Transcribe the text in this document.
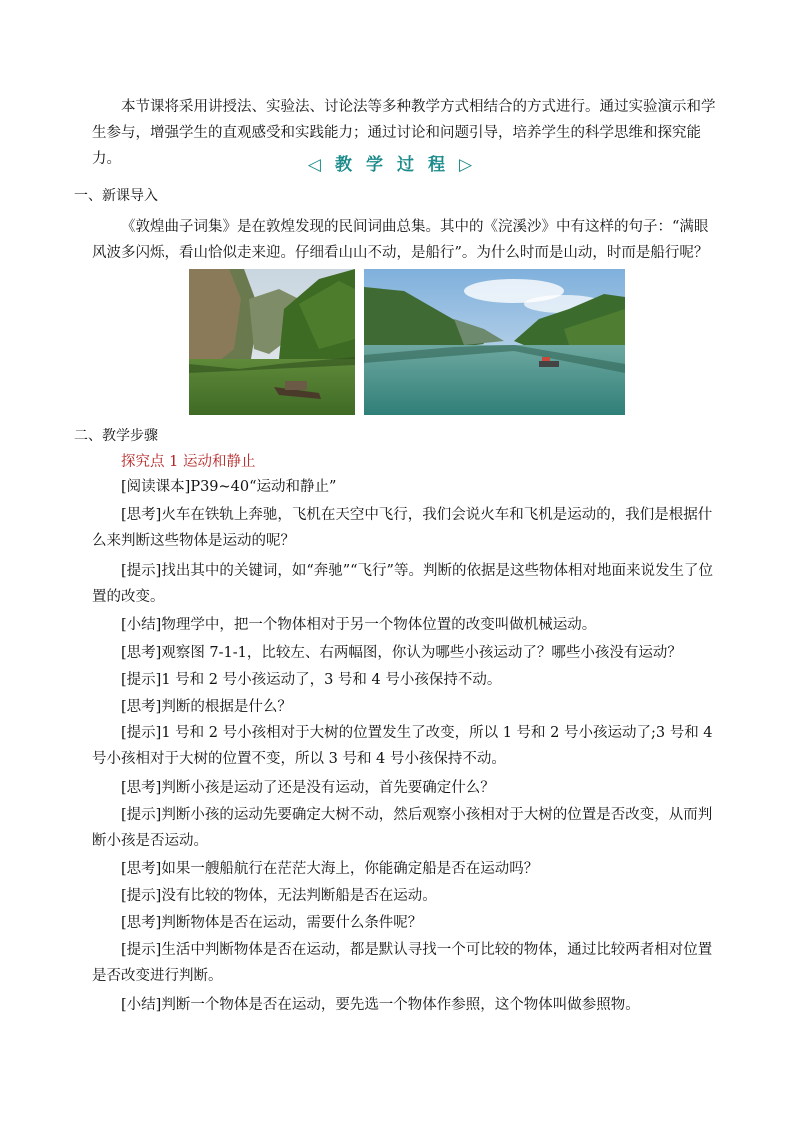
本节课将采用讲授法、实验法、讨论法等多种教学方式相结合的方式进行。通过实验演示和学生参与，增强学生的直观感受和实践能力；通过讨论和问题引导，培养学生的科学思维和探究能力。	◁教学过程▷
一、新课导入

《敦煌曲子词集》是在敦煌发现的民间词曲总集。其中的《浣溪沙》中有这样的句子：“满眼风波多闪烁，看山恰似走来迎。仔细看山山不动，是船行”。为什么时而是山动，时而是船行呢？

二、教学步骤
探究点 1 运动和静止
[阅读课本]P39~40“运动和静止”

[思考]火车在铁轨上奔驰，飞机在天空中飞行，我们会说火车和飞机是运动的，我们是根据什么来判断这些物体是运动的呢？

[提示]找出其中的关键词，如“奔驰”“飞行”等。判断的依据是这些物体相对地面来说发生了位置的改变。

[小结]物理学中，把一个物体相对于另一个物体位置的改变叫做机械运动。
[思考]观察图 7-1-1，比较左、右两幅图，你认为哪些小孩运动了？哪些小孩没有运动？
[提示]1 号和 2 号小孩运动了，3 号和 4 号小孩保持不动。
[思考]判断的根据是什么？

[提示]1 号和 2 号小孩相对于大树的位置发生了改变，所以 1 号和 2 号小孩运动了;3 号和 4 号小孩相对于大树的位置不变，所以 3 号和 4 号小孩保持不动。

[思考]判断小孩是运动了还是没有运动，首先要确定什么？

[提示]判断小孩的运动先要确定大树不动，然后观察小孩相对于大树的位置是否改变，从而判断小孩是否运动。

[思考]如果一艘船航行在茫茫大海上，你能确定船是否在运动吗？
[提示]没有比较的物体，无法判断船是否在运动。
[思考]判断物体是否在运动，需要什么条件呢？

[提示]生活中判断物体是否在运动，都是默认寻找一个可比较的物体，通过比较两者相对位置是否改变进行判断。

[小结]判断一个物体是否在运动，要先选一个物体作参照，这个物体叫做参照物。
